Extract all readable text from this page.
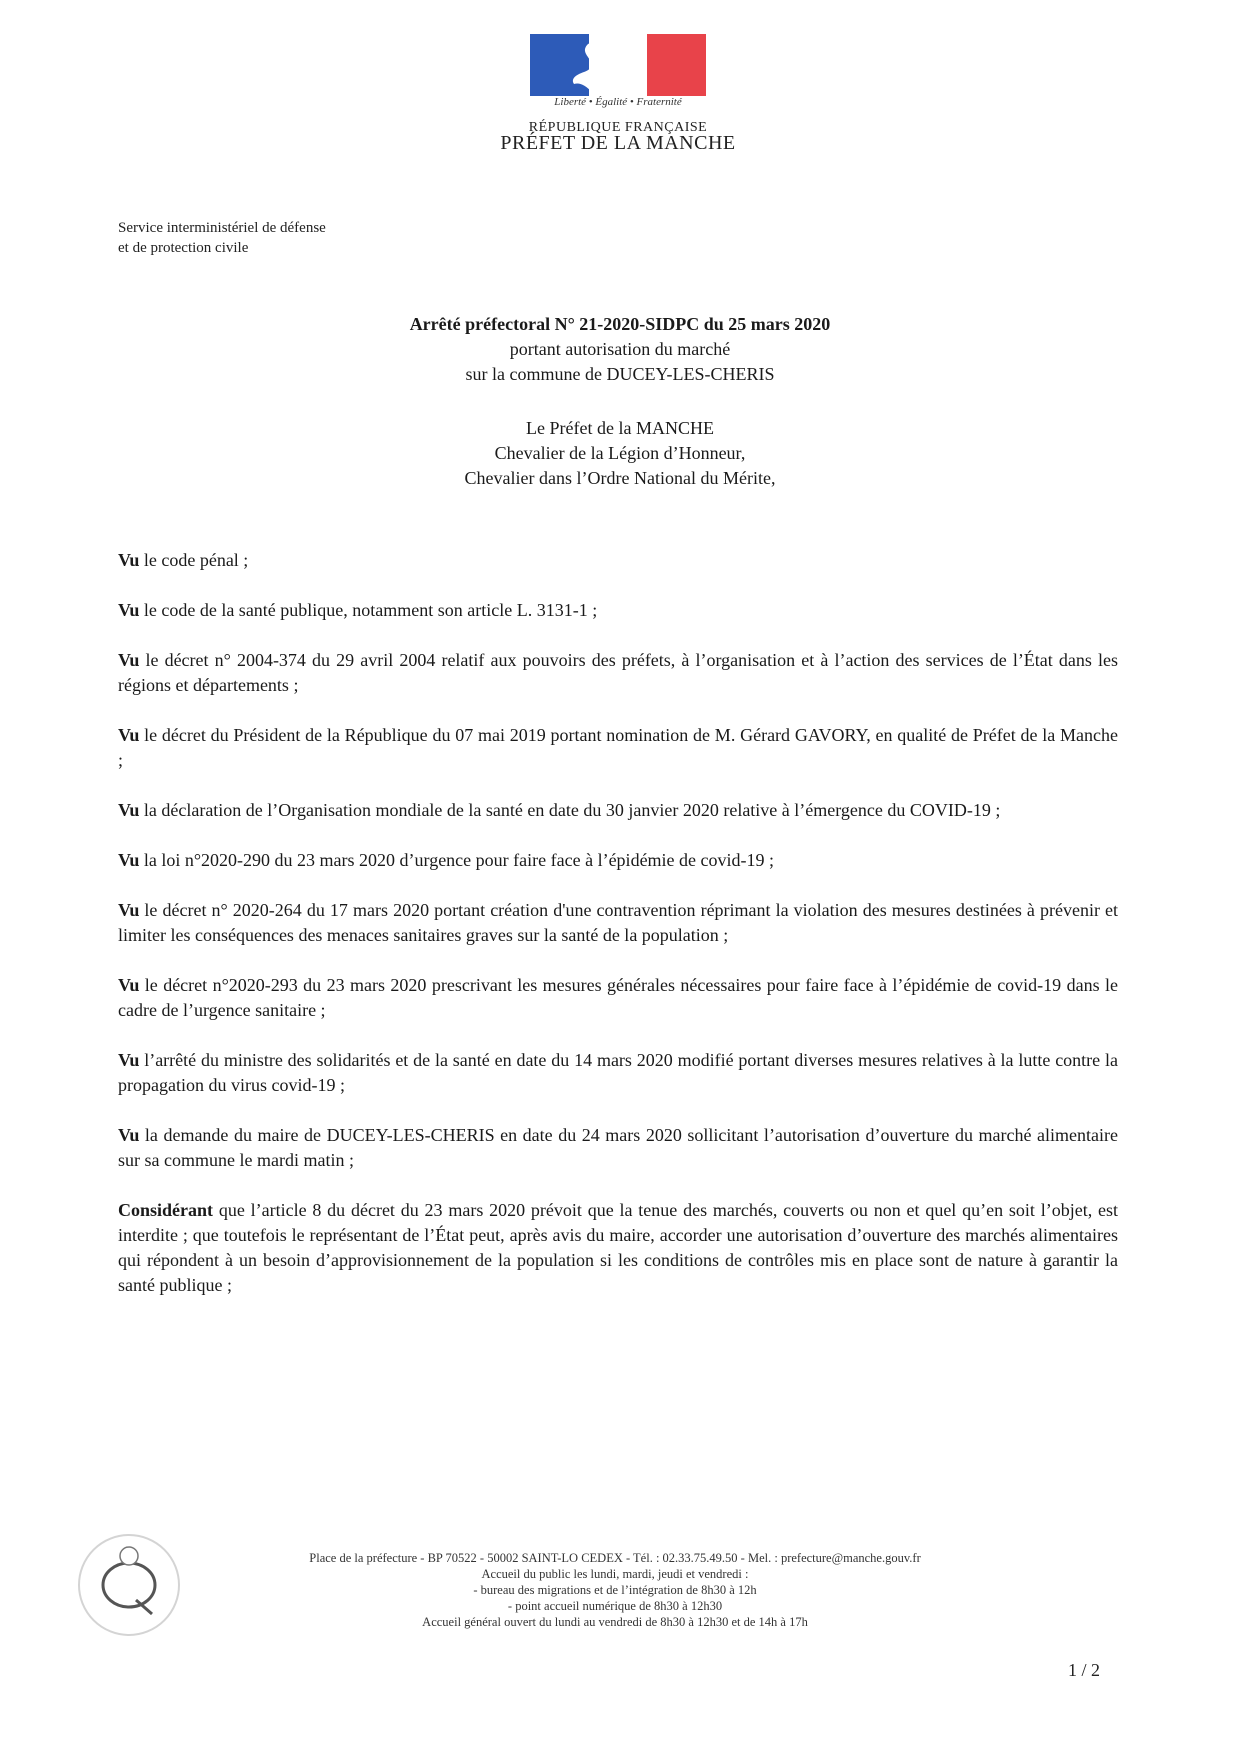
Liberté • Égalité • Fraternité
RÉPUBLIQUE FRANÇAISE
PRÉFET DE LA MANCHE
Service interministériel de défense
et de protection civile
Arrêté préfectoral N° 21-2020-SIDPC du 25 mars 2020
portant autorisation du marché
sur la commune de DUCEY-LES-CHERIS
Le Préfet de la MANCHE
Chevalier de la Légion d’Honneur,
Chevalier dans l’Ordre National du Mérite,

Vu le code pénal ;

Vu le code de la santé publique, notamment son article L. 3131-1 ;

Vu le décret n° 2004-374 du 29 avril 2004 relatif aux pouvoirs des préfets, à l’organisation et à l’action des services de l’État dans les régions et départements ;

Vu le décret du Président de la République du 07 mai 2019 portant nomination de M. Gérard GAVORY, en qualité de Préfet de la Manche ;

Vu la déclaration de l’Organisation mondiale de la santé en date du 30 janvier 2020 relative à l’émergence du COVID-19 ;

Vu la loi n°2020-290 du 23 mars 2020 d’urgence pour faire face à l’épidémie de covid-19 ;

Vu le décret n° 2020-264 du 17 mars 2020 portant création d'une contravention réprimant la violation des mesures destinées à prévenir et limiter les conséquences des menaces sanitaires graves sur la santé de la population ;

Vu le décret n°2020-293 du 23 mars 2020 prescrivant les mesures générales nécessaires pour faire face à l’épidémie de covid-19 dans le cadre de l’urgence sanitaire ;

Vu l’arrêté du ministre des solidarités et de la santé en date du 14 mars 2020 modifié portant diverses mesures relatives à la lutte contre la propagation du virus covid-19 ;

Vu la demande du maire de DUCEY-LES-CHERIS en date du 24 mars 2020 sollicitant l’autorisation d’ouverture du marché alimentaire sur sa commune le mardi matin ;

Considérant que l’article 8 du décret du 23 mars 2020 prévoit que la tenue des marchés, couverts ou non et quel qu’en soit l’objet, est interdite ; que toutefois le représentant de l’État peut, après avis du maire, accorder une autorisation d’ouverture des marchés alimentaires qui répondent à un besoin d’approvisionnement de la population si les conditions de contrôles mis en place sont de nature à garantir la santé publique ;

Place de la préfecture - BP 70522 - 50002 SAINT-LO CEDEX - Tél. : 02.33.75.49.50 - Mel. : prefecture@manche.gouv.fr
Accueil du public les lundi, mardi, jeudi et vendredi :
- bureau des migrations et de l’intégration de 8h30 à 12h
- point accueil numérique de 8h30 à 12h30
Accueil général ouvert du lundi au vendredi de 8h30 à 12h30 et de 14h à 17h
1 / 2
